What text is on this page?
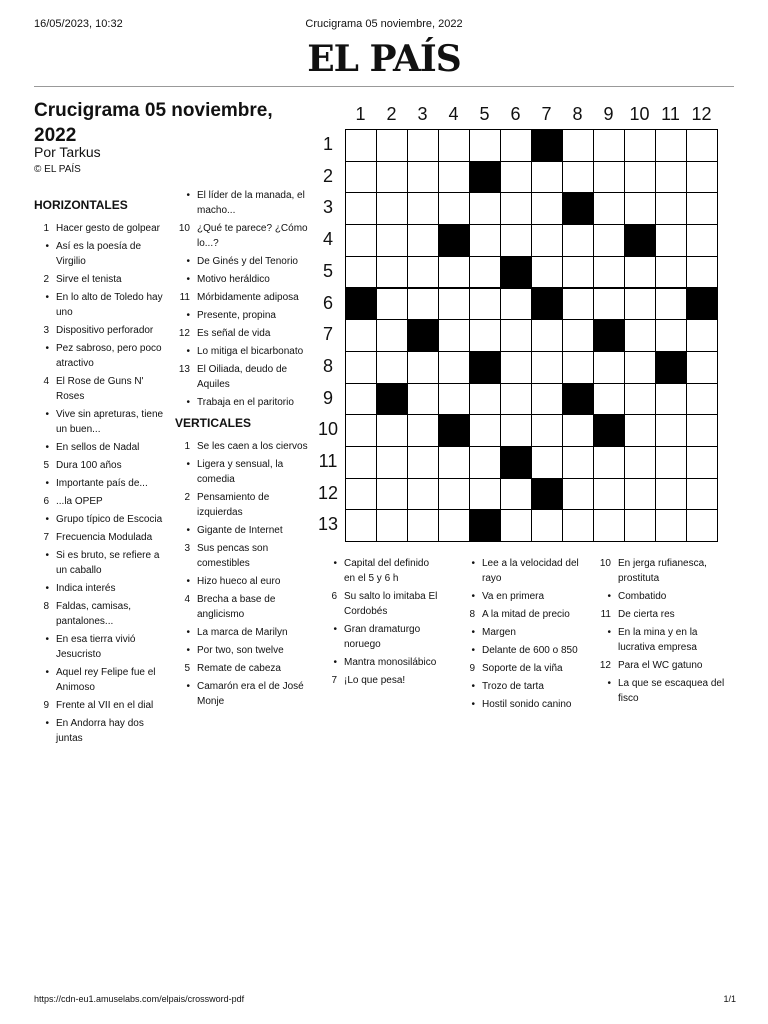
16/05/2023, 10:32	Crucigrama 05 noviembre, 2022
EL PAÍS
Crucigrama 05 noviembre, 2022
Por Tarkus
© EL PAÍS
HORIZONTALES
1 Hacer gesto de golpear
• Así es la poesía de Virgilio
2 Sirve el tenista
• En lo alto de Toledo hay uno
3 Dispositivo perforador
• Pez sabroso, pero poco atractivo
4 El Rose de Guns N' Roses
• Vive sin apreturas, tiene un buen...
• En sellos de Nadal
5 Dura 100 años
• Importante país de...
6 ...la OPEP
• Grupo típico de Escocia
7 Frecuencia Modulada
• Si es bruto, se refiere a un caballo
• Indica interés
8 Faldas, camisas, pantalones...
• En esa tierra vivió Jesucristo
• Aquel rey Felipe fue el Animoso
9 Frente al VII en el dial
• En Andorra hay dos juntas
• El líder de la manada, el macho...
10 ¿Qué te parece? ¿Cómo lo...?
• De Ginés y del Tenorio
• Motivo heráldico
11 Mórbidamente adiposa
• Presente, propina
12 Es señal de vida
• Lo mitiga el bicarbonato
13 El Oiliada, deudo de Aquiles
• Trabaja en el paritorio
VERTICALES
1 Se les caen a los ciervos
• Ligera y sensual, la comedia
2 Pensamiento de izquierdas
• Gigante de Internet
3 Sus pencas son comestibles
• Hizo hueco al euro
4 Brecha a base de anglicismo
• La marca de Marilyn
• Por two, son twelve
5 Remate de cabeza
• Camarón era el de José Monje
• Capital del definido en el 5 y 6 h
6 Su salto lo imitaba El Cordobés
• Gran dramaturgo noruego
• Mantra monosilábico
7 ¡Lo que pesa!
• Lee a la velocidad del rayo
• Va en primera
8 A la mitad de precio
• Margen
• Delante de 600 o 850
9 Soporte de la viña
• Trozo de tarta
• Hostil sonido canino
10 En jerga rufianesca, prostituta
• Combatido
11 De cierta res
• En la mina y en la lucrativa empresa
12 Para el WC gatuno
• La que se escaquea del fisco
1	2	3	4	5	6	7	8	9 10 11 12
1
2
3
4
5
6
7
8
9
10
11
12
13
https://cdn-eu1.amuselabs.com/elpais/crossword-pdf	1/1
